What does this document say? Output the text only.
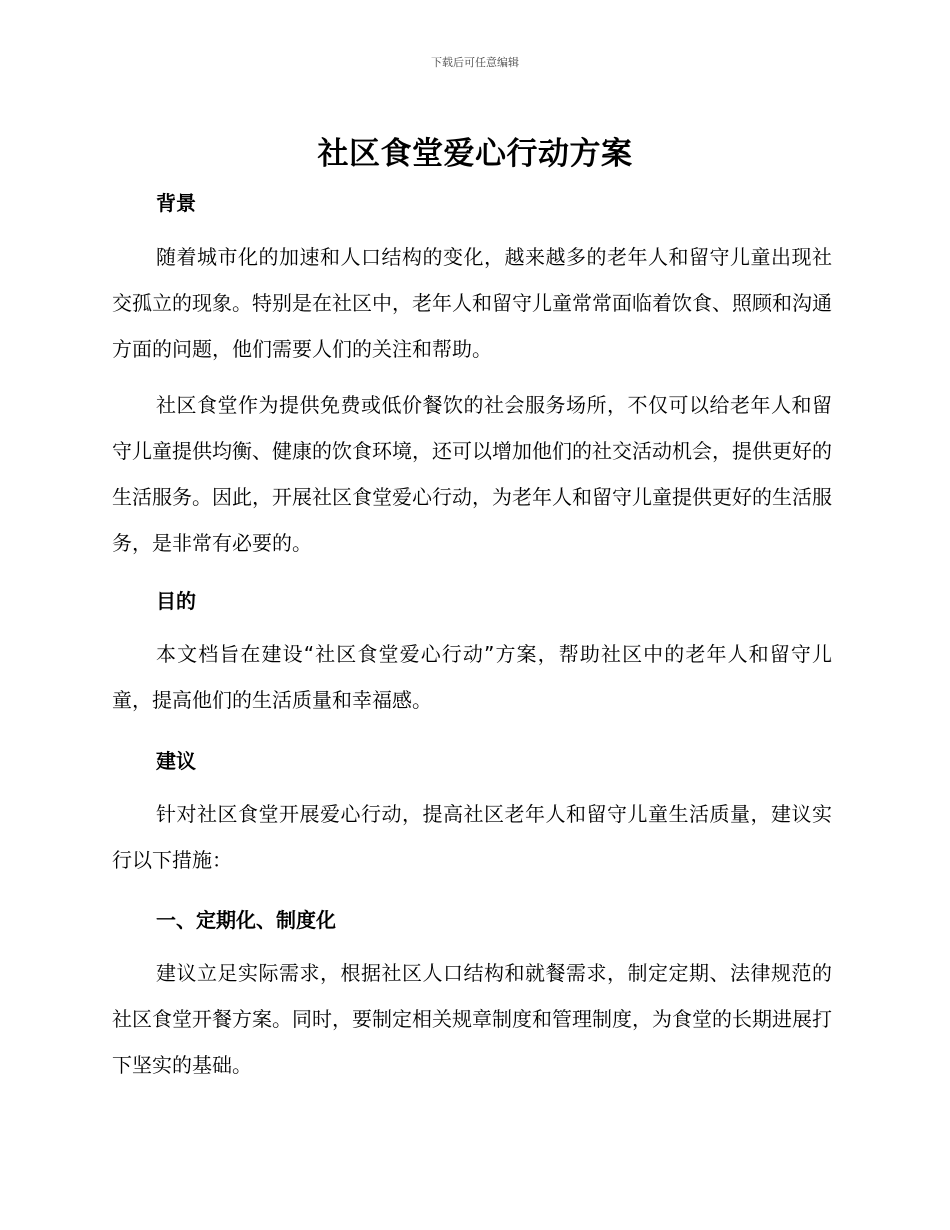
下载后可任意编辑
社区食堂爱心行动方案
背景
随着城市化的加速和人口结构的变化，越来越多的老年人和留守儿童出现社交孤立的现象。特别是在社区中，老年人和留守儿童常常面临着饮食、照顾和沟通方面的问题，他们需要人们的关注和帮助。
社区食堂作为提供免费或低价餐饮的社会服务场所，不仅可以给老年人和留守儿童提供均衡、健康的饮食环境，还可以增加他们的社交活动机会，提供更好的生活服务。因此，开展社区食堂爱心行动，为老年人和留守儿童提供更好的生活服务，是非常有必要的。
目的
本文档旨在建设“社区食堂爱心行动”方案，帮助社区中的老年人和留守儿童，提高他们的生活质量和幸福感。
建议
针对社区食堂开展爱心行动，提高社区老年人和留守儿童生活质量，建议实行以下措施：
一、定期化、制度化
建议立足实际需求，根据社区人口结构和就餐需求，制定定期、法律规范的社区食堂开餐方案。同时，要制定相关规章制度和管理制度，为食堂的长期进展打下坚实的基础。
